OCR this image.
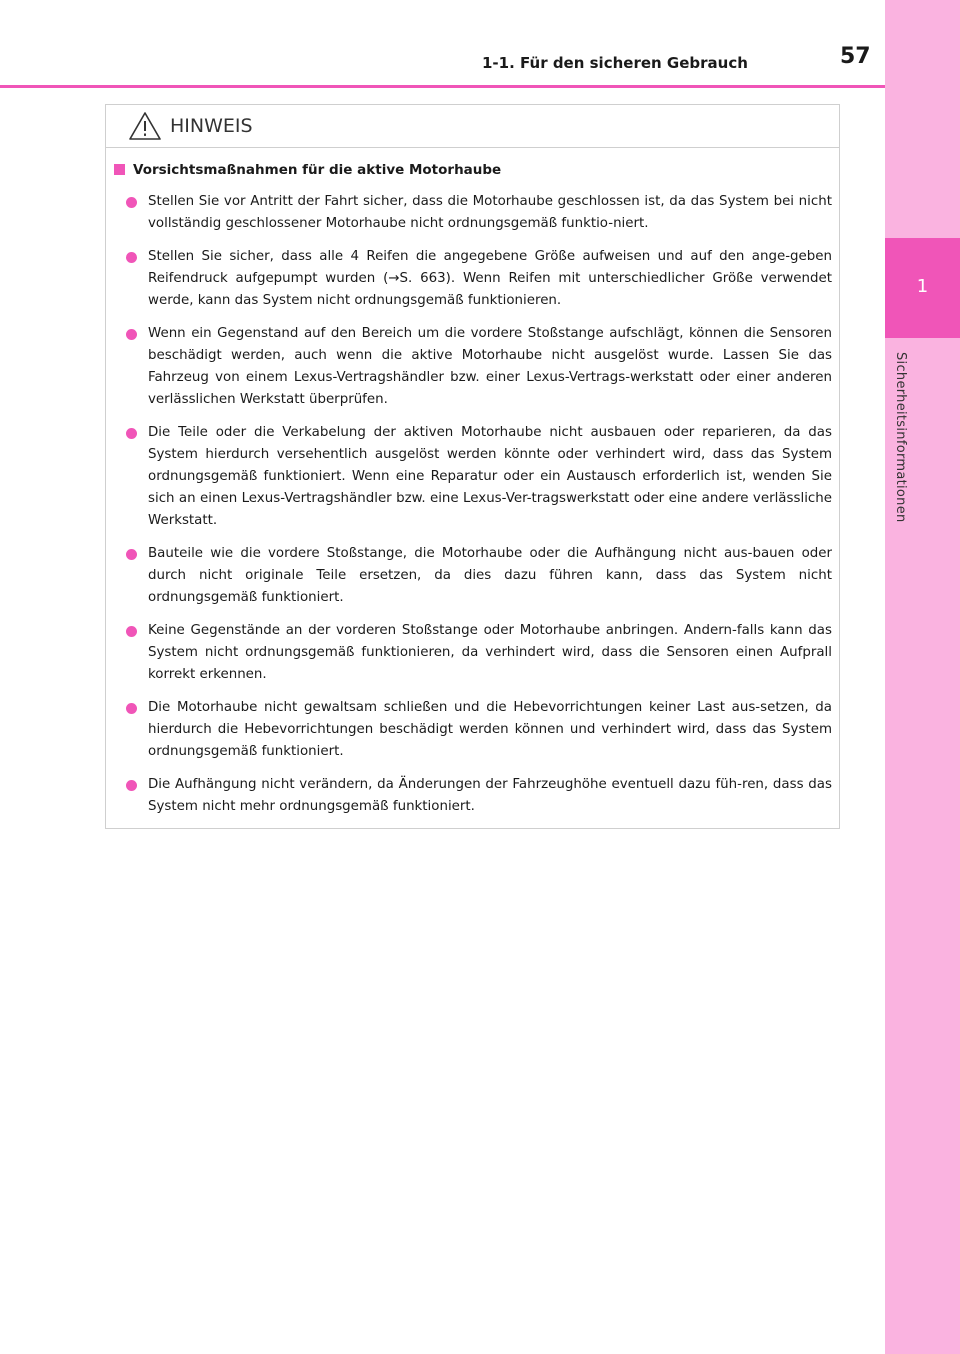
1
Sicherheitsinformationen
1-1. Für den sicheren Gebrauch	57
HINWEIS
Vorsichtsmaßnahmen für die aktive Motorhaube
Stellen Sie vor Antritt der Fahrt sicher, dass die Motorhaube geschlossen ist, da das System bei nicht vollständig geschlossener Motorhaube nicht ordnungsgemäß funktio-niert.
Stellen Sie sicher, dass alle 4 Reifen die angegebene Größe aufweisen und auf den ange-geben Reifendruck aufgepumpt wurden (→S. 663). Wenn Reifen mit unterschiedlicher Größe verwendet werde, kann das System nicht ordnungsgemäß funktionieren.
Wenn ein Gegenstand auf den Bereich um die vordere Stoßstange aufschlägt, können die Sensoren beschädigt werden, auch wenn die aktive Motorhaube nicht ausgelöst wurde. Lassen Sie das Fahrzeug von einem Lexus-Vertragshändler bzw. einer Lexus-Vertrags-werkstatt oder einer anderen verlässlichen Werkstatt überprüfen.
Die Teile oder die Verkabelung der aktiven Motorhaube nicht ausbauen oder reparieren, da das System hierdurch versehentlich ausgelöst werden könnte oder verhindert wird, dass das System ordnungsgemäß funktioniert. Wenn eine Reparatur oder ein Austausch erforderlich ist, wenden Sie sich an einen Lexus-Vertragshändler bzw. eine Lexus-Ver-tragswerkstatt oder eine andere verlässliche Werkstatt.
Bauteile wie die vordere Stoßstange, die Motorhaube oder die Aufhängung nicht aus-bauen oder durch nicht originale Teile ersetzen, da dies dazu führen kann, dass das System nicht ordnungsgemäß funktioniert.
Keine Gegenstände an der vorderen Stoßstange oder Motorhaube anbringen. Andern-falls kann das System nicht ordnungsgemäß funktionieren, da verhindert wird, dass die Sensoren einen Aufprall korrekt erkennen.
Die Motorhaube nicht gewaltsam schließen und die Hebevorrichtungen keiner Last aus-setzen, da hierdurch die Hebevorrichtungen beschädigt werden können und verhindert wird, dass das System ordnungsgemäß funktioniert.
Die Aufhängung nicht verändern, da Änderungen der Fahrzeughöhe eventuell dazu füh-ren, dass das System nicht mehr ordnungsgemäß funktioniert.
